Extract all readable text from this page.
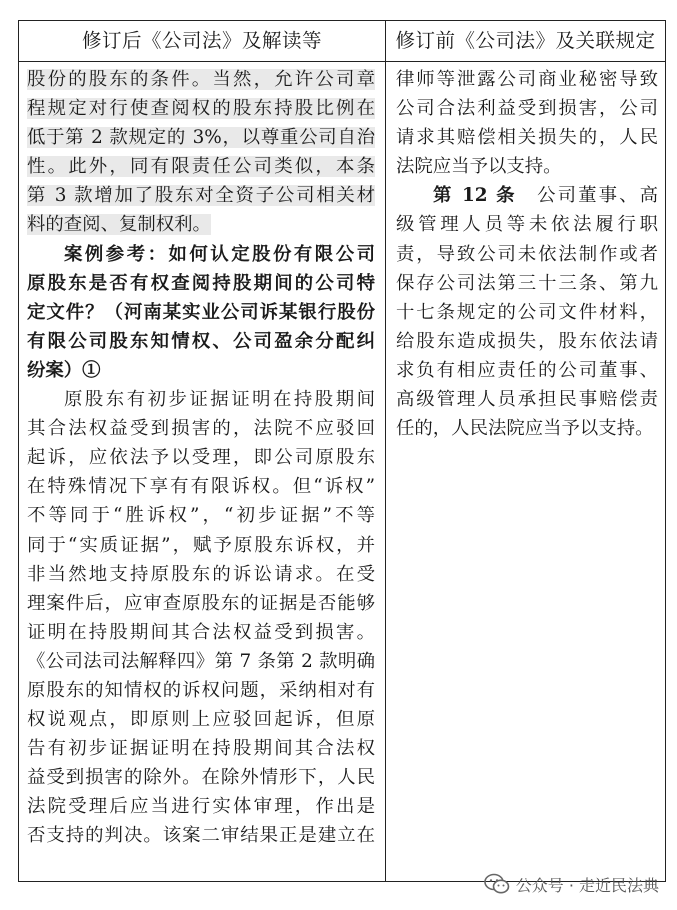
修订后《公司法》及解读等	修订前《公司法》及关联规定
股份的股东的条件。当然，允许公司章
程规定对行使查阅权的股东持股比例在
低于第 2 款规定的 3%，以尊重公司自治
性。此外，同有限责任公司类似，本条
第 3 款增加了股东对全资子公司相关材
料的查阅、复制权利。
案例参考：如何认定股份有限公司
原股东是否有权查阅持股期间的公司特
定文件？（河南某实业公司诉某银行股份
有限公司股东知情权、公司盈余分配纠
纷案）①
原股东有初步证据证明在持股期间
其合法权益受到损害的，法院不应驳回
起诉，应依法予以受理，即公司原股东
在特殊情况下享有有限诉权。但“诉权”
不等同于“胜诉权”，“初步证据”不等
同于“实质证据”，赋予原股东诉权，并
非当然地支持原股东的诉讼请求。在受
理案件后，应审查原股东的证据是否能够
证明在持股期间其合法权益受到损害。
《公司法司法解释四》第 7 条第 2 款明确
原股东的知情权的诉权问题，采纳相对有
权说观点，即原则上应驳回起诉，但原
告有初步证据证明在持股期间其合法权
益受到损害的除外。在除外情形下，人民
法院受理后应当进行实体审理，作出是
否支持的判决。该案二审结果正是建立在
律师等泄露公司商业秘密导致
公司合法利益受到损害，公司
请求其赔偿相关损失的，人民
法院应当予以支持。
第 12 条　公司董事、高
级管理人员等未依法履行职
责，导致公司未依法制作或者
保存公司法第三十三条、第九
十七条规定的公司文件材料，
给股东造成损失，股东依法请
求负有相应责任的公司董事、
高级管理人员承担民事赔偿责
任的，人民法院应当予以支持。
公众号 · 走近民法典
